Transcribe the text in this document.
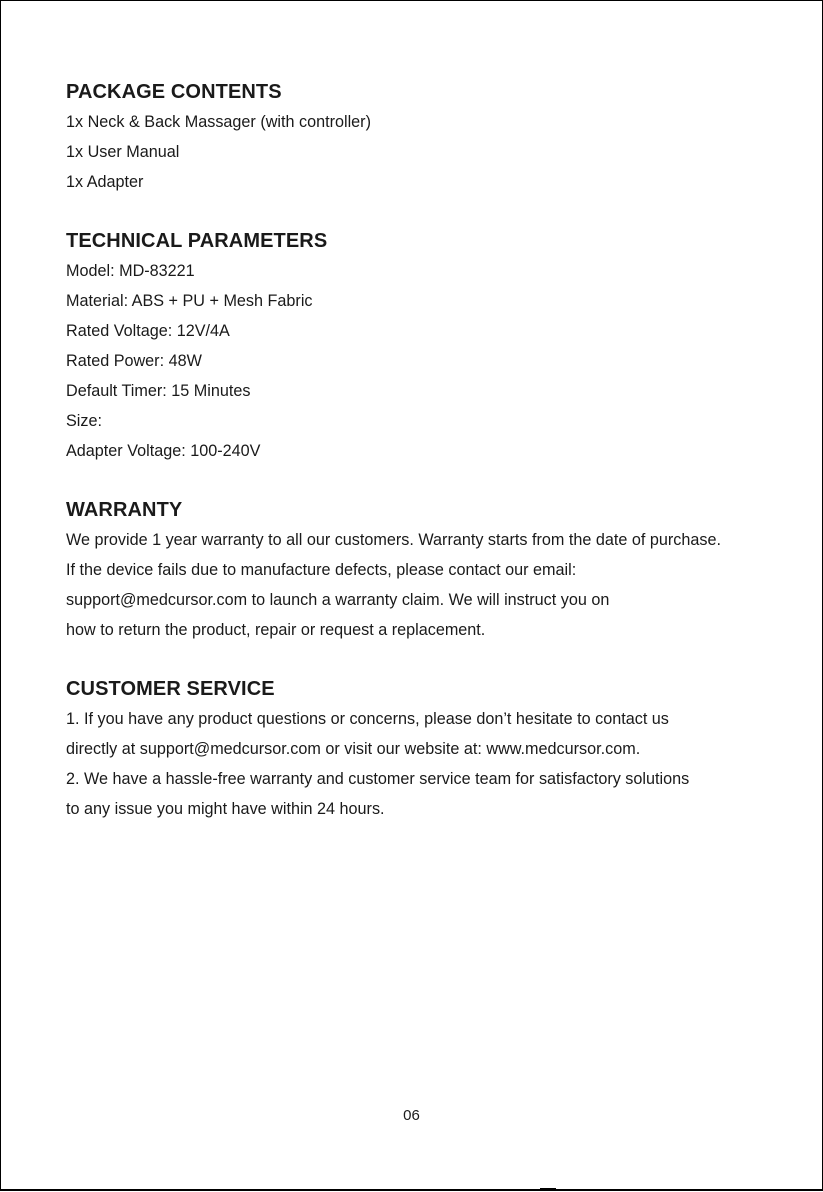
PACKAGE CONTENTS

1x Neck & Back Massager (with controller)

1x User Manual

1x Adapter

TECHNICAL PARAMETERS

Model: MD-83221

Material: ABS + PU + Mesh Fabric

Rated Voltage: 12V/4A

Rated Power: 48W

Default Timer: 15 Minutes

Size:

Adapter Voltage: 100-240V

WARRANTY

We provide 1 year warranty to all our customers. Warranty starts from the date of purchase.

If the device fails due to manufacture defects, please contact our email:

support@medcursor.com to launch a warranty claim. We will instruct you on

how to return the product, repair or request a replacement.

CUSTOMER SERVICE

1. If you have any product questions or concerns, please don’t hesitate to contact us

directly at support@medcursor.com or visit our website at: www.medcursor.com.

2. We have a hassle-free warranty and customer service team for satisfactory solutions

to any issue you might have within 24 hours.

06
